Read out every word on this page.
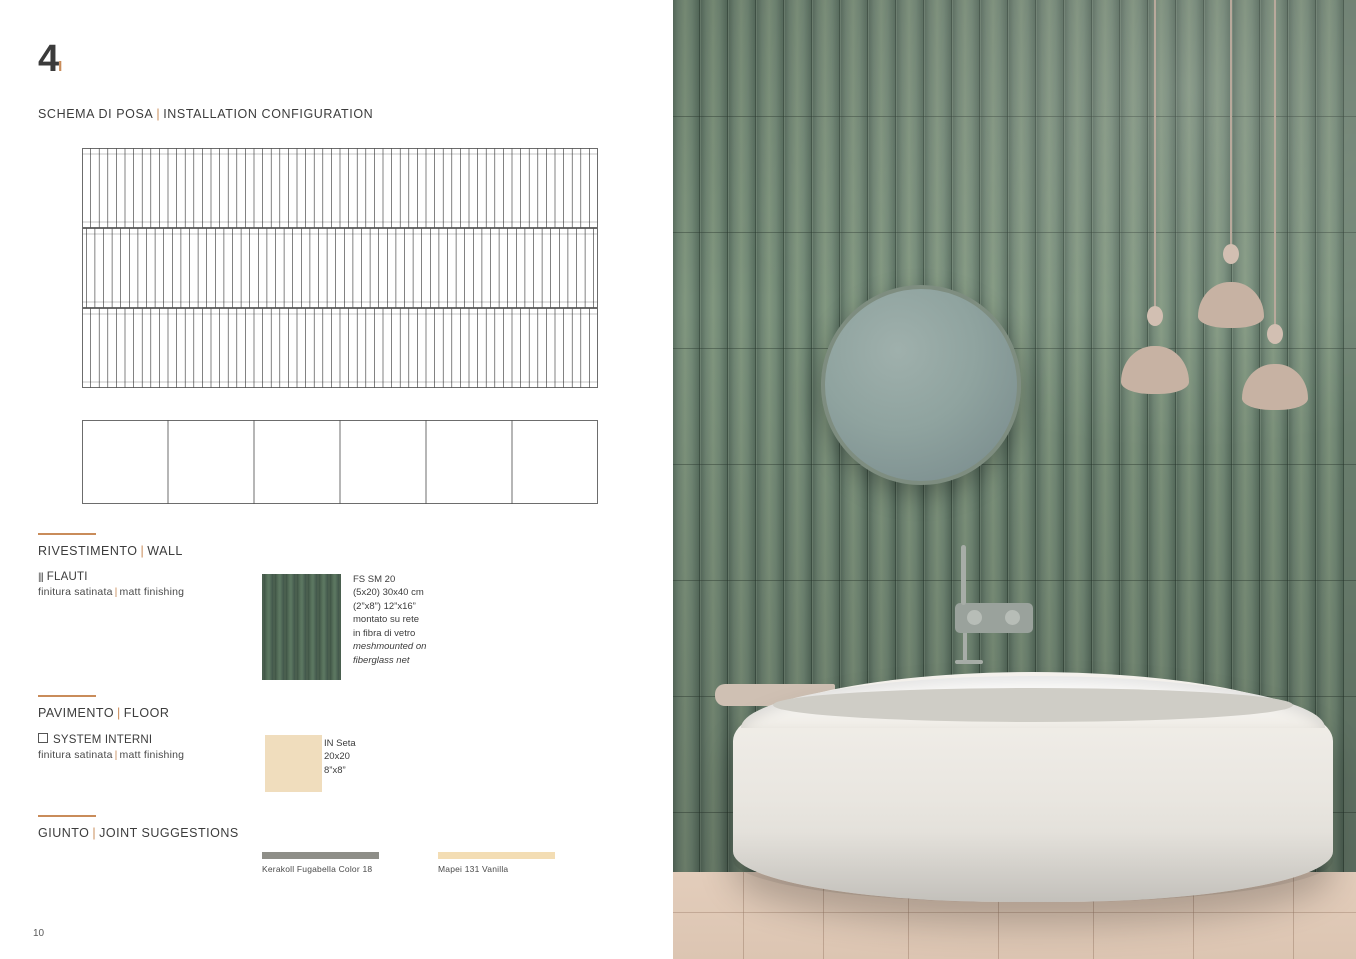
4I
SCHEMA DI POSA | INSTALLATION CONFIGURATION
RIVESTIMENTO | WALL
||| FLAUTI
finitura satinata | matt finishing
FS SM 20
(5x20) 30x40 cm
(2”x8”) 12”x16”
montato su rete
in fibra di vetro
meshmounted on
fiberglass net
PAVIMENTO | FLOOR
SYSTEM INTERNI
finitura satinata | matt finishing
IN Seta
20x20
8”x8”
GIUNTO | JOINT SUGGESTIONS
Kerakoll Fugabella Color 18	Mapei 131 Vanilla
10
